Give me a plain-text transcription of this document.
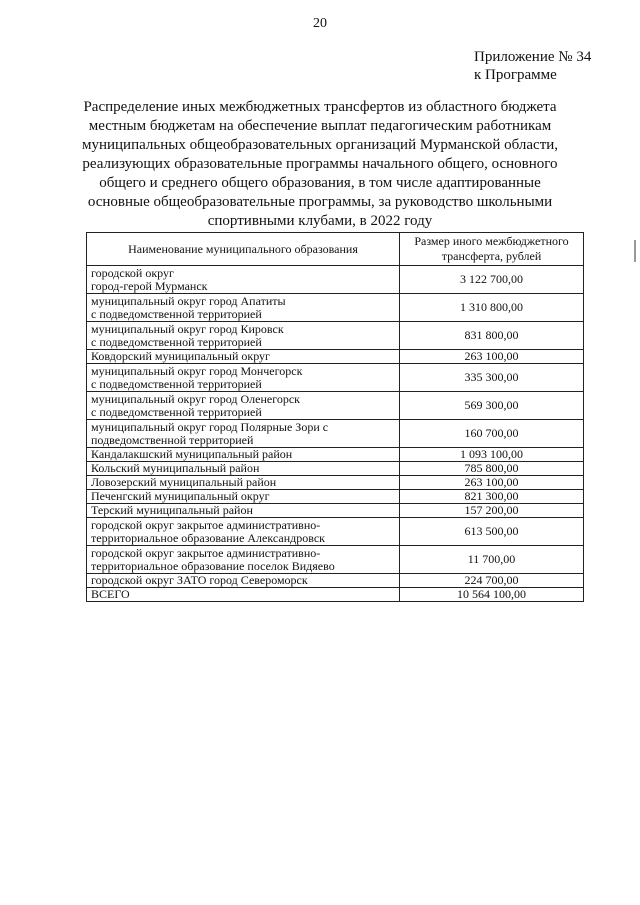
20
Приложение № 34
к Программе
Распределение иных межбюджетных трансфертов из областного бюджета
местным бюджетам на обеспечение выплат педагогическим работникам
муниципальных общеобразовательных организаций Мурманской области,
реализующих образовательные программы начального общего, основного
общего и среднего общего образования, в том числе адаптированные
основные общеобразовательные программы, за руководство школьными
спортивными клубами, в 2022 году
Наименование муниципального образования	Размер иного межбюджетного трансферта, рублей

городской округ
город-герой Мурманск	3 122 700,00

муниципальный округ город Апатиты
с подведомственной территорией	1 310 800,00

муниципальный округ город Кировск
с подведомственной территорией	831 800,00

Ковдорский муниципальный округ	263 100,00

муниципальный округ город Мончегорск
с подведомственной территорией	335 300,00

муниципальный округ город Оленегорск
с подведомственной территорией	569 300,00

муниципальный округ город Полярные Зори с
подведомственной территорией	160 700,00

Кандалакшский муниципальный район	1 093 100,00

Кольский муниципальный район	785 800,00

Ловозерский муниципальный район	263 100,00

Печенгский муниципальный округ	821 300,00

Терский муниципальный район	157 200,00

городской округ закрытое административно-
территориальное образование Александровск	613 500,00

городской округ закрытое административно-
территориальное образование поселок Видяево	11 700,00

городской округ ЗАТО город Североморск	224 700,00

ВСЕГО	10 564 100,00
